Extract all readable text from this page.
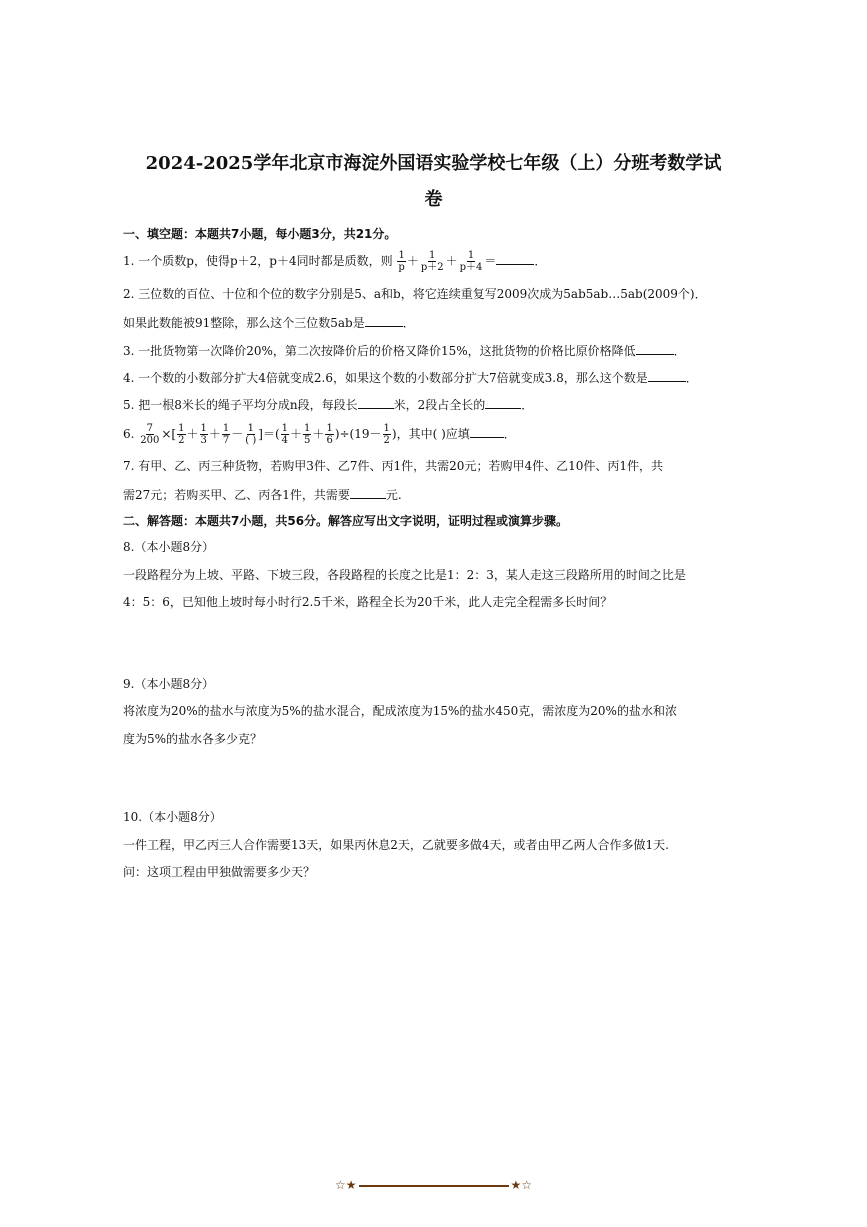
2024-2025学年北京市海淀外国语实验学校七年级（上）分班考数学试
卷
一、填空题：本题共7小题，每小题3分，共21分。
1. 一个质数p，使得p＋2，p＋4同时都是质数，则 $\frac{1}{p} + \frac{1}{p+2} + \frac{1}{p+4}$ ＝	．
2. 三位数的百位、十位和个位的数字分别是5、a和b，将它连续重复写2009次成为5ab5ab…5ab(2009个)．
如果此数能被91整除，那么这个三位数5ab是	．
3. 一批货物第一次降价20%，第二次按降价后的价格又降价15%，这批货物的价格比原价格降低	．
4. 一个数的小数部分扩大4倍就变成2.6，如果这个数的小数部分扩大7倍就变成3.8，那么这个数是	．
5. 把一根8米长的绳子平均分成n段，每段长	米，2段占全长的	．
6. $\frac{7}{200}$ ×[ $\frac{1}{2} + \frac{1}{3} + \frac{1}{7} - \frac{1}{( )}$ ]＝( $\frac{1}{4} + \frac{1}{5} + \frac{1}{6} )\div(19- \frac{1}{2}$ )，其中( )应填	．
7. 有甲、乙、丙三种货物，若购甲3件、乙7件、丙1件，共需20元；若购甲4件、乙10件、丙1件，共
需27元；若购买甲、乙、丙各1件，共需要	元.
二、解答题：本题共7小题，共56分。解答应写出文字说明，证明过程或演算步骤。
8.（本小题8分）
一段路程分为上坡、平路、下坡三段，各段路程的长度之比是1：2：3，某人走这三段路所用的时间之比是
4：5：6，已知他上坡时每小时行2.5千米，路程全长为20千米，此人走完全程需多长时间？
9.（本小题8分）
将浓度为20%的盐水与浓度为5%的盐水混合，配成浓度为15%的盐水450克，需浓度为20%的盐水和浓
度为5%的盐水各多少克？
10.（本小题8分）
一件工程，甲乙丙三人合作需要13天，如果丙休息2天，乙就要多做4天，或者由甲乙两人合作多做1天.
问：这项工程由甲独做需要多少天？
☆★	★☆
